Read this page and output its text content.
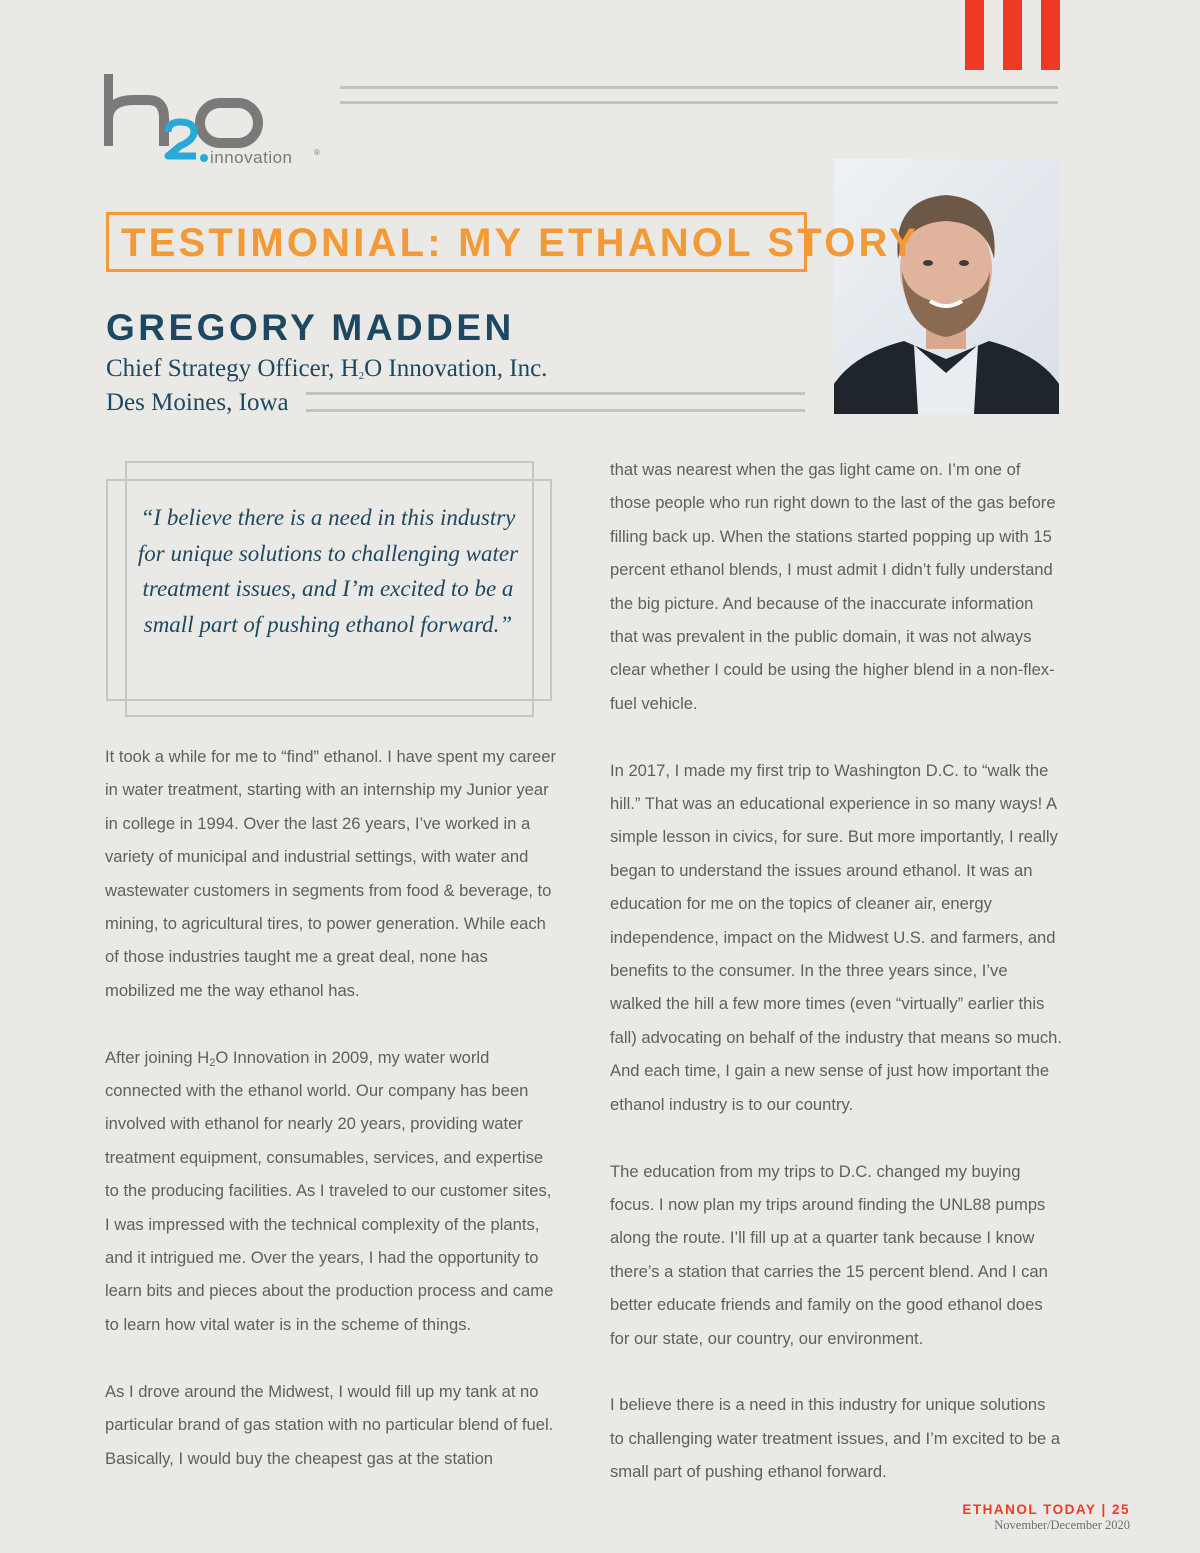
innovation	®
TESTIMONIAL: MY ETHANOL STORY
GREGORY MADDEN

Chief Strategy Officer, $H_2O$ Innovation, Inc.

Des Moines, Iowa

“I believe there is a need in this industry for unique solutions to challenging water treatment issues, and I’m excited to be a small part of pushing ethanol forward.”

It took a while for me to “find” ethanol. I have spent my career in water treatment, starting with an internship my Junior year in college in 1994. Over the last 26 years, I’ve worked in a variety of municipal and industrial settings, with water and wastewater customers in segments from food & beverage, to mining, to agricultural tires, to power generation. While each of those industries taught me a great deal, none has mobilized me the way ethanol has.

After joining $H_2O$ Innovation in 2009, my water world connected with the ethanol world. Our company has been involved with ethanol for nearly 20 years, providing water treatment equipment, consumables, services, and expertise to the producing facilities. As I traveled to our customer sites, I was impressed with the technical complexity of the plants, and it intrigued me. Over the years, I had the opportunity to learn bits and pieces about the production process and came to learn how vital water is in the scheme of things.

As I drove around the Midwest, I would fill up my tank at no particular brand of gas station with no particular blend of fuel. Basically, I would buy the cheapest gas at the station

that was nearest when the gas light came on. I’m one of those people who run right down to the last of the gas before filling back up. When the stations started popping up with 15 percent ethanol blends, I must admit I didn’t fully understand the big picture. And because of the inaccurate information that was prevalent in the public domain, it was not always clear whether I could be using the higher blend in a non-flex-fuel vehicle.

In 2017, I made my first trip to Washington D.C. to “walk the hill.” That was an educational experience in so many ways! A simple lesson in civics, for sure. But more importantly, I really began to understand the issues around ethanol. It was an education for me on the topics of cleaner air, energy independence, impact on the Midwest U.S. and farmers, and benefits to the consumer. In the three years since, I’ve walked the hill a few more times (even “virtually” earlier this fall) advocating on behalf of the industry that means so much. And each time, I gain a new sense of just how important the ethanol industry is to our country.

The education from my trips to D.C. changed my buying focus. I now plan my trips around finding the UNL88 pumps along the route. I’ll fill up at a quarter tank because I know there’s a station that carries the 15 percent blend. And I can better educate friends and family on the good ethanol does for our state, our country, our environment.

I believe there is a need in this industry for unique solutions to challenging water treatment issues, and I’m excited to be a small part of pushing ethanol forward.

ETHANOL TODAY | 25

November/December 2020
